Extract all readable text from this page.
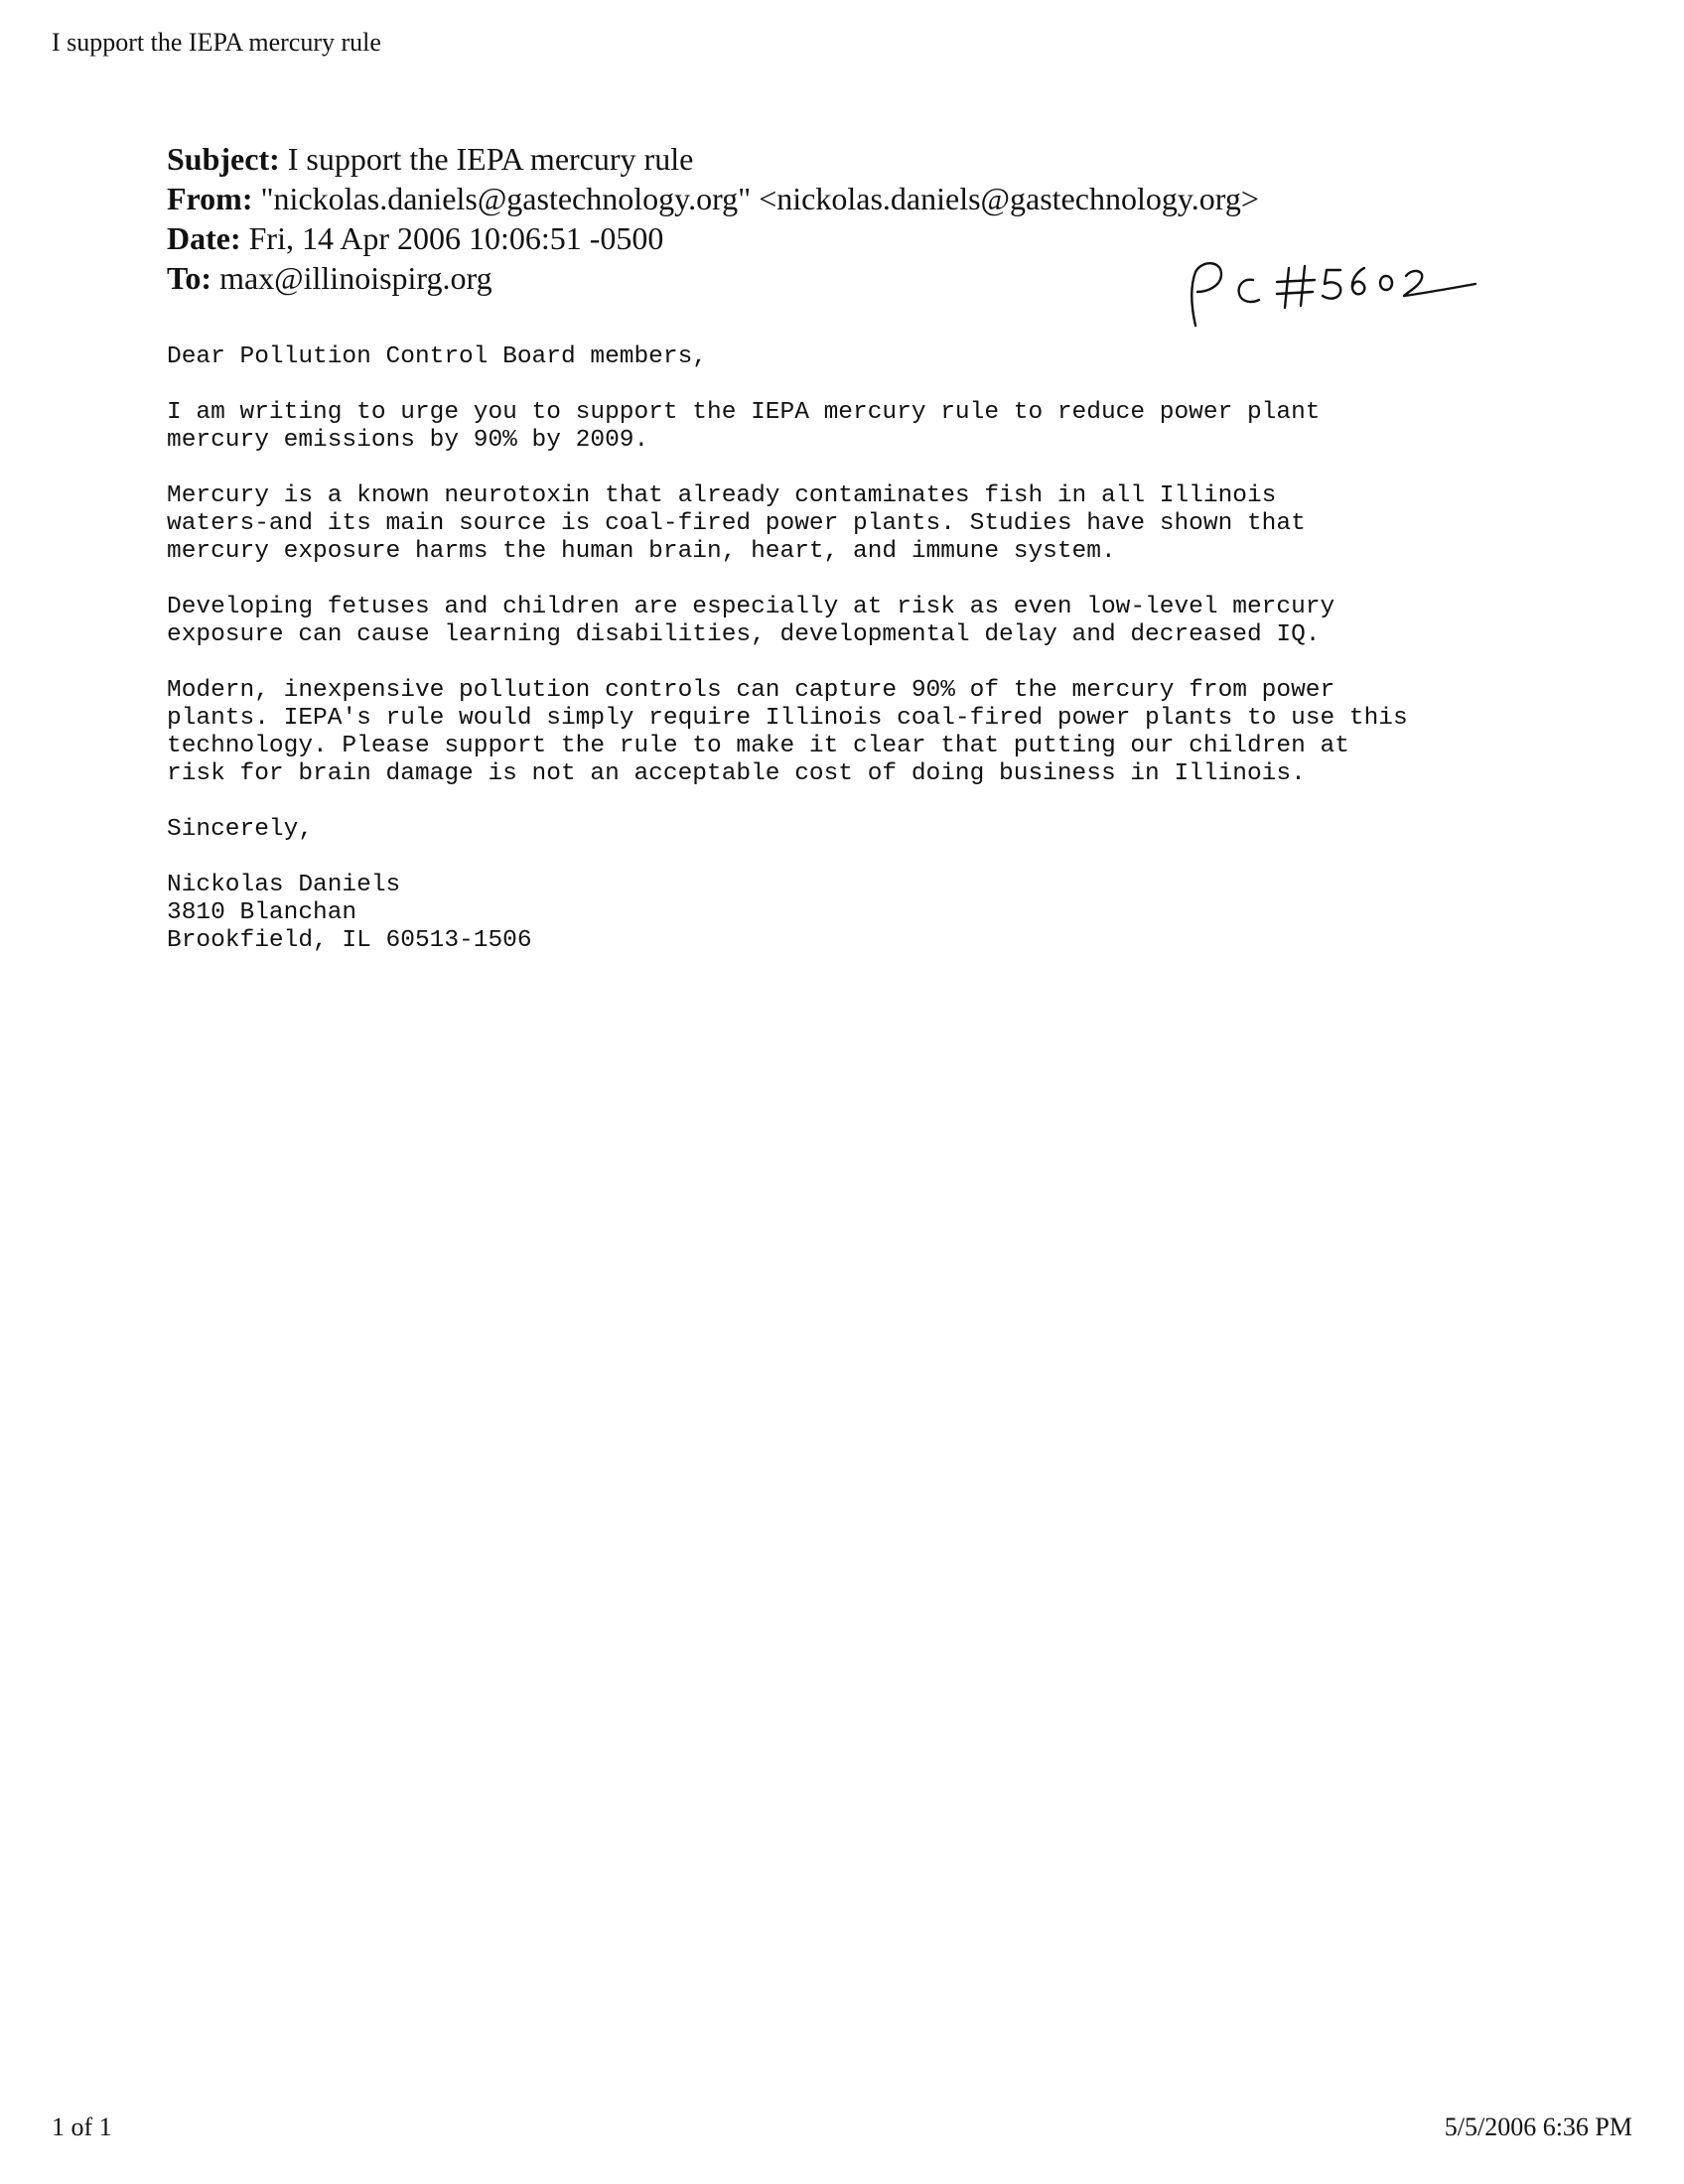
I support the IEPA mercury rule
Subject: I support the IEPA mercury rule
From: "nickolas.daniels@gastechnology.org" <nickolas.daniels@gastechnology.org>
Date: Fri, 14 Apr 2006 10:06:51 -0500
To: max@illinoispirg.org

Dear Pollution Control Board members,

I am writing to urge you to support the IEPA mercury rule to reduce power plant
mercury emissions by 90% by 2009.

Mercury is a known neurotoxin that already contaminates fish in all Illinois
waters-and its main source is coal-fired power plants. Studies have shown that
mercury exposure harms the human brain, heart, and immune system.

Developing fetuses and children are especially at risk as even low-level mercury
exposure can cause learning disabilities, developmental delay and decreased IQ.

Modern, inexpensive pollution controls can capture 90% of the mercury from power
plants. IEPA's rule would simply require Illinois coal-fired power plants to use this
technology. Please support the rule to make it clear that putting our children at
risk for brain damage is not an acceptable cost of doing business in Illinois.

Sincerely,

Nickolas Daniels
3810 Blanchan
Brookfield, IL 60513-1506
1 of 1	5/5/2006 6:36 PM
